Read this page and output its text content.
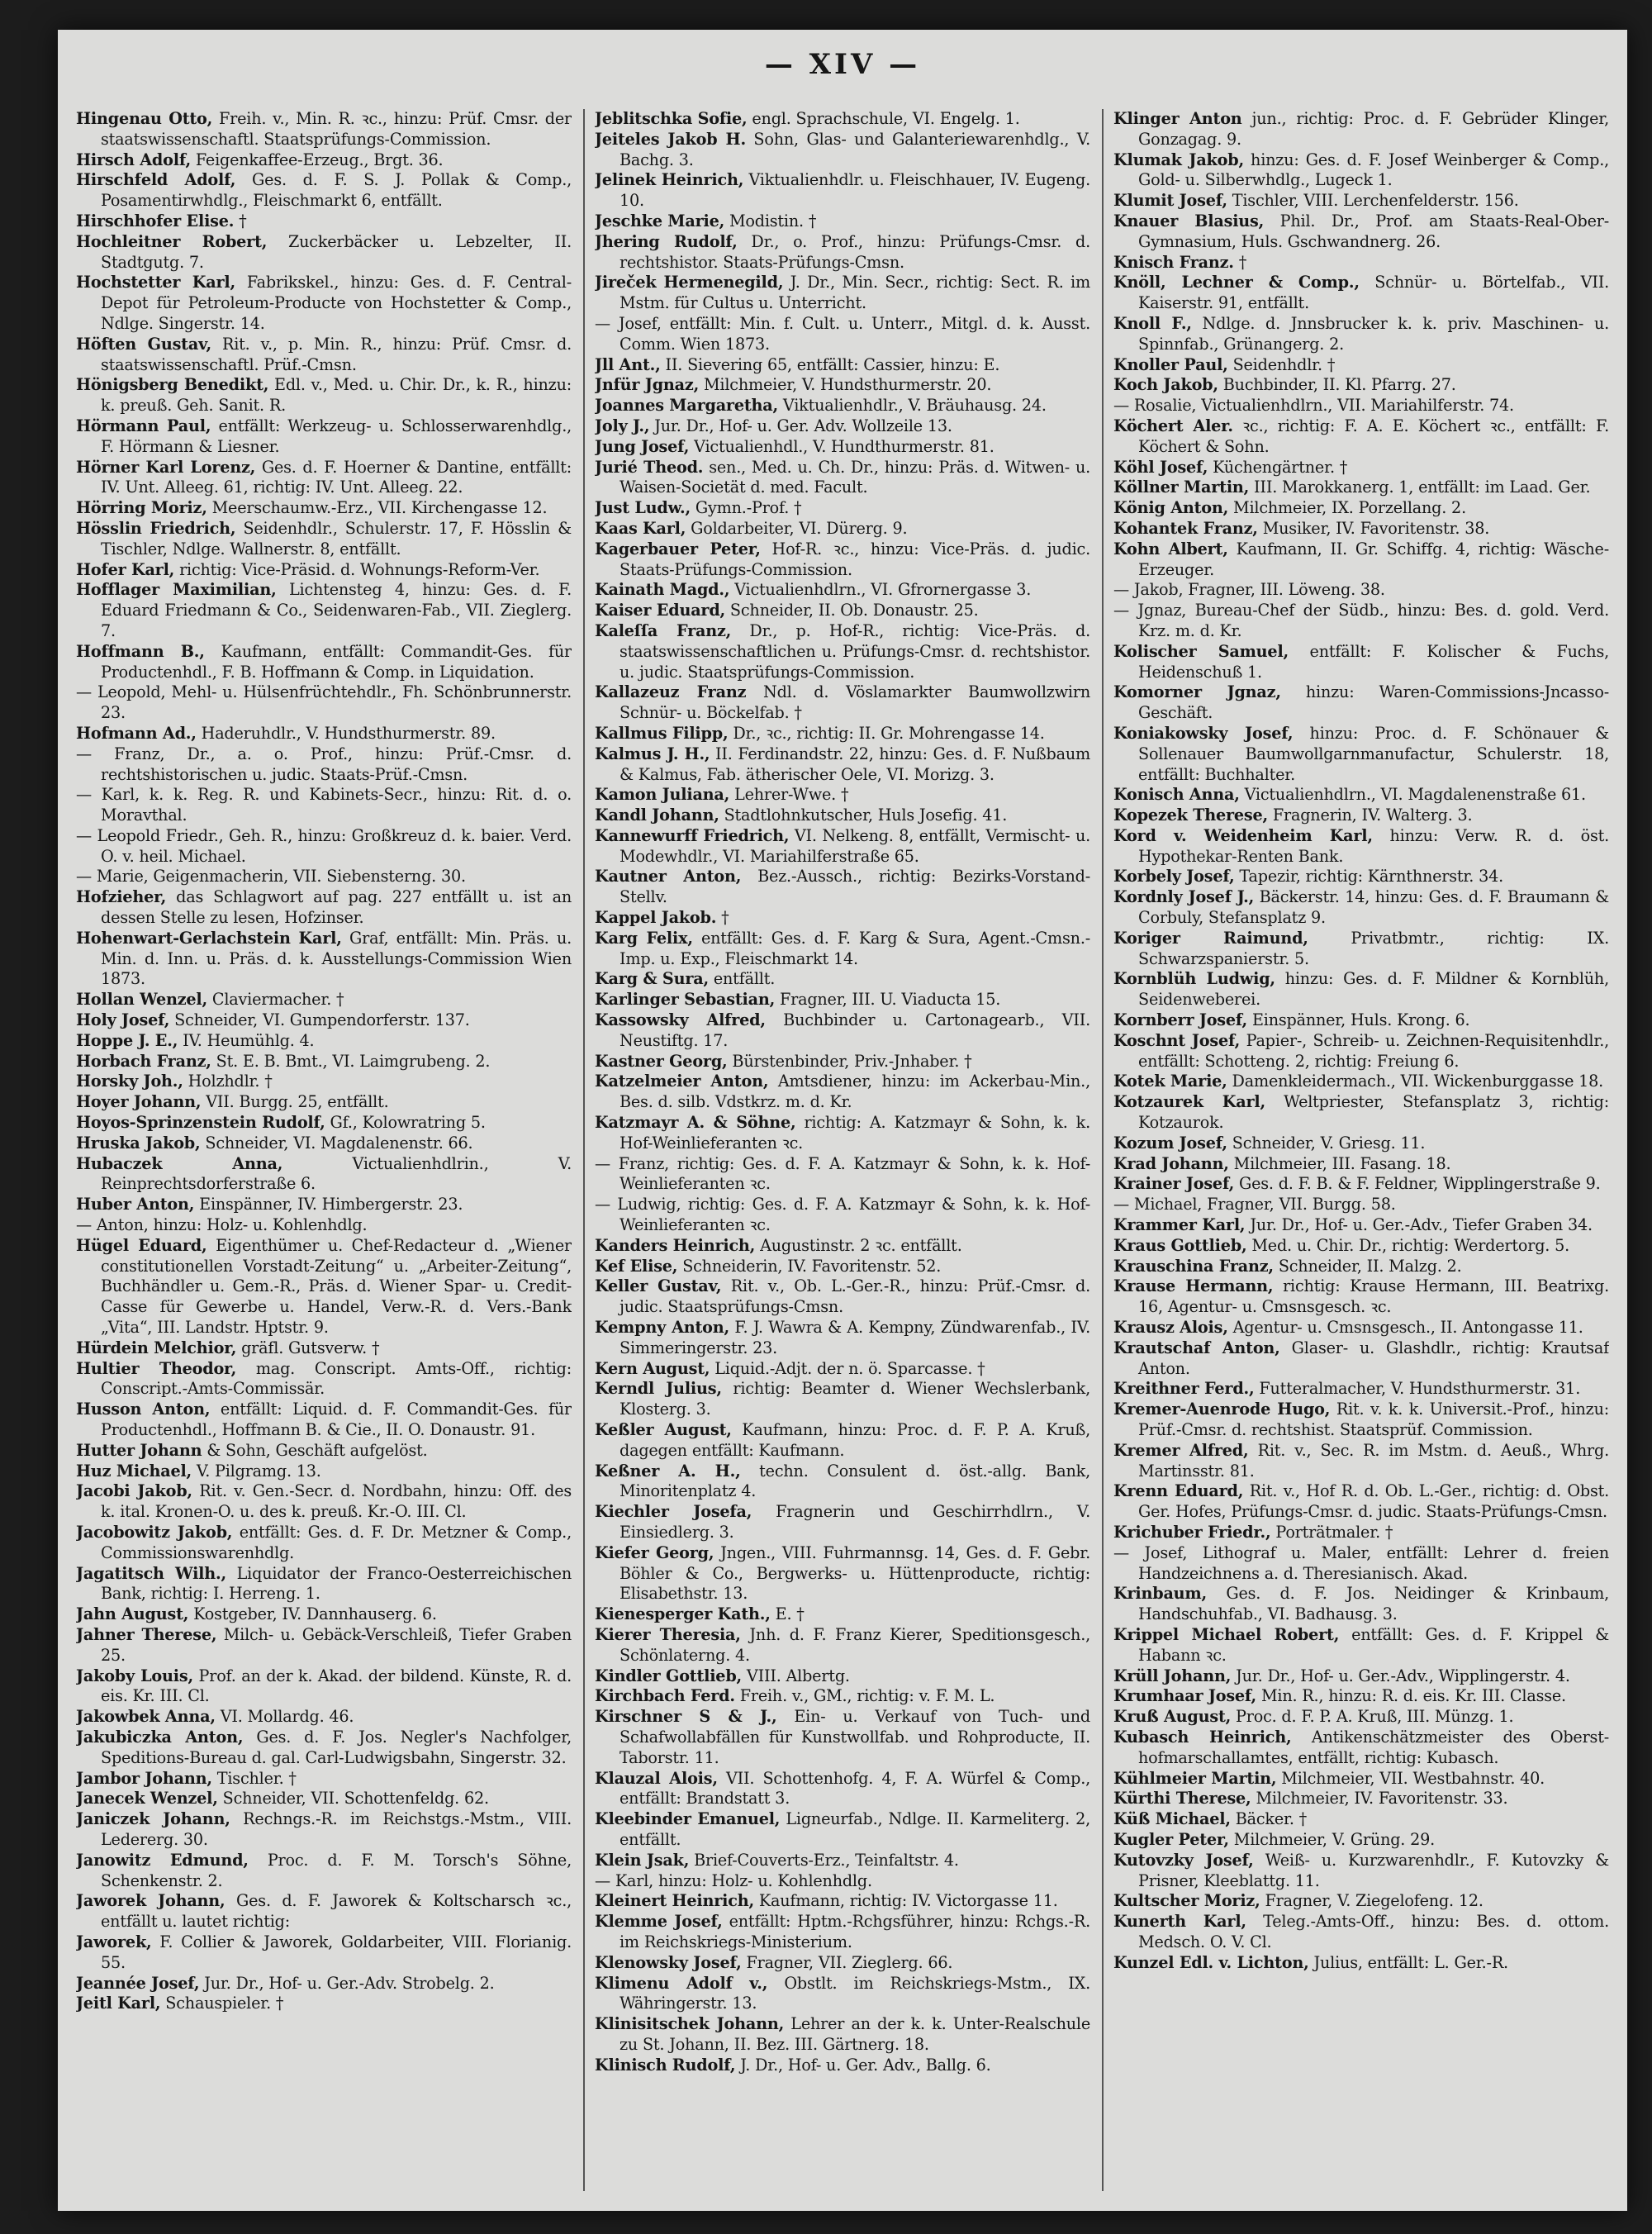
— XIV —

Hingenau Otto, Freih. v., Min. R. ꝛc., hinzu: Prüf. Cmsr. der staatswissenschaftl. Staatsprüfungs-Commission.

Hirsch Adolf, Feigenkaffee-Erzeug., Brgt. 36.

Hirschfeld Adolf, Ges. d. F. S. J. Pollak & Comp., Posamentirwhdlg., Fleischmarkt 6, entfällt.

Hirschhofer Elise. †

Hochleitner Robert, Zuckerbäcker u. Lebzelter, II. Stadtgutg. 7.

Hochstetter Karl, Fabrikskel., hinzu: Ges. d. F. Central-Depot für Petroleum-Producte von Hochstetter & Comp., Ndlge. Singerstr. 14.

Höften Gustav, Rit. v., p. Min. R., hinzu: Prüf. Cmsr. d. staatswissenschaftl. Prüf.-Cmsn.

Hönigsberg Benedikt, Edl. v., Med. u. Chir. Dr., k. R., hinzu: k. preuß. Geh. Sanit. R.

Hörmann Paul, entfällt: Werkzeug- u. Schlosserwarenhdlg., F. Hörmann & Liesner.

Hörner Karl Lorenz, Ges. d. F. Hoerner & Dantine, entfällt: IV. Unt. Alleeg. 61, richtig: IV. Unt. Alleeg. 22.

Hörring Moriz, Meerschaumw.-Erz., VII. Kirchengasse 12.

Hösslin Friedrich, Seidenhdlr., Schulerstr. 17, F. Hösslin & Tischler, Ndlge. Wallnerstr. 8, entfällt.

Hofer Karl, richtig: Vice-Präsid. d. Wohnungs-Reform-Ver.

Hofflager Maximilian, Lichtensteg 4, hinzu: Ges. d. F. Eduard Friedmann & Co., Seidenwaren-Fab., VII. Zieglerg. 7.

Hoffmann B., Kaufmann, entfällt: Commandit-Ges. für Productenhdl., F. B. Hoffmann & Comp. in Liquidation.

— Leopold, Mehl- u. Hülsenfrüchtehdlr., Fh. Schönbrunnerstr. 23.

Hofmann Ad., Haderuhdlr., V. Hundsthurmerstr. 89.

— Franz, Dr., a. o. Prof., hinzu: Prüf.-Cmsr. d. rechtshistorischen u. judic. Staats-Prüf.-Cmsn.

— Karl, k. k. Reg. R. und Kabinets-Secr., hinzu: Rit. d. o. Moravthal.

— Leopold Friedr., Geh. R., hinzu: Großkreuz d. k. baier. Verd. O. v. heil. Michael.

— Marie, Geigenmacherin, VII. Siebensterng. 30.

Hofzieher, das Schlagwort auf pag. 227 entfällt u. ist an dessen Stelle zu lesen, Hofzinser.

Hohenwart-Gerlachstein Karl, Graf, entfällt: Min. Präs. u. Min. d. Inn. u. Präs. d. k. Ausstellungs-Commission Wien 1873.

Hollan Wenzel, Claviermacher. †

Holy Josef, Schneider, VI. Gumpendorferstr. 137.

Hoppe J. E., IV. Heumühlg. 4.

Horbach Franz, St. E. B. Bmt., VI. Laimgrubeng. 2.

Horsky Joh., Holzhdlr. †

Hoyer Johann, VII. Burgg. 25, entfällt.

Hoyos-Sprinzenstein Rudolf, Gf., Kolowratring 5.

Hruska Jakob, Schneider, VI. Magdalenenstr. 66.

Hubaczek Anna, Victualienhdlrin., V. Reinprechtsdorferstraße 6.

Huber Anton, Einspänner, IV. Himbergerstr. 23.

— Anton, hinzu: Holz- u. Kohlenhdlg.

Hügel Eduard, Eigenthümer u. Chef-Redacteur d. „Wiener constitutionellen Vorstadt-Zeitung“ u. „Arbeiter-Zeitung“, Buchhändler u. Gem.-R., Präs. d. Wiener Spar- u. Credit-Casse für Gewerbe u. Handel, Verw.-R. d. Vers.-Bank „Vita“, III. Landstr. Hptstr. 9.

Hürdein Melchior, gräfl. Gutsverw. †

Hultier Theodor, mag. Conscript. Amts-Off., richtig: Conscript.-Amts-Commissär.

Husson Anton, entfällt: Liquid. d. F. Commandit-Ges. für Productenhdl., Hoffmann B. & Cie., II. O. Donaustr. 91.

Hutter Johann & Sohn, Geschäft aufgelöst.

Huz Michael, V. Pilgramg. 13.

Jacobi Jakob, Rit. v. Gen.-Secr. d. Nordbahn, hinzu: Off. des k. ital. Kronen-O. u. des k. preuß. Kr.-O. III. Cl.

Jacobowitz Jakob, entfällt: Ges. d. F. Dr. Metzner & Comp., Commissionswarenhdlg.

Jagatitsch Wilh., Liquidator der Franco-Oesterreichischen Bank, richtig: I. Herreng. 1.

Jahn August, Kostgeber, IV. Dannhauserg. 6.

Jahner Therese, Milch- u. Gebäck-Verschleiß, Tiefer Graben 25.

Jakoby Louis, Prof. an der k. Akad. der bildend. Künste, R. d. eis. Kr. III. Cl.

Jakowbek Anna, VI. Mollardg. 46.

Jakubiczka Anton, Ges. d. F. Jos. Negler's Nachfolger, Speditions-Bureau d. gal. Carl-Ludwigsbahn, Singerstr. 32.

Jambor Johann, Tischler. †

Janecek Wenzel, Schneider, VII. Schottenfeldg. 62.

Janiczek Johann, Rechngs.-R. im Reichstgs.-Mstm., VIII. Ledererg. 30.

Janowitz Edmund, Proc. d. F. M. Torsch's Söhne, Schenkenstr. 2.

Jaworek Johann, Ges. d. F. Jaworek & Koltscharsch ꝛc., entfällt u. lautet richtig:

Jaworek, F. Collier & Jaworek, Goldarbeiter, VIII. Florianig. 55.

Jeannée Josef, Jur. Dr., Hof- u. Ger.-Adv. Strobelg. 2.

Jeitl Karl, Schauspieler. †

Jeblitschka Sofie, engl. Sprachschule, VI. Engelg. 1.

Jeiteles Jakob H. Sohn, Glas- und Galanteriewarenhdlg., V. Bachg. 3.

Jelinek Heinrich, Viktualienhdlr. u. Fleischhauer, IV. Eugeng. 10.

Jeschke Marie, Modistin. †

Jhering Rudolf, Dr., o. Prof., hinzu: Prüfungs-Cmsr. d. rechtshistor. Staats-Prüfungs-Cmsn.

Jireček Hermenegild, J. Dr., Min. Secr., richtig: Sect. R. im Mstm. für Cultus u. Unterricht.

— Josef, entfällt: Min. f. Cult. u. Unterr., Mitgl. d. k. Ausst. Comm. Wien 1873.

Jll Ant., II. Sievering 65, entfällt: Cassier, hinzu: E.

Jnfür Jgnaz, Milchmeier, V. Hundsthurmerstr. 20.

Joannes Margaretha, Viktualienhdlr., V. Bräuhausg. 24.

Joly J., Jur. Dr., Hof- u. Ger. Adv. Wollzeile 13.

Jung Josef, Victualienhdl., V. Hundthurmerstr. 81.

Jurié Theod. sen., Med. u. Ch. Dr., hinzu: Präs. d. Witwen- u. Waisen-Societät d. med. Facult.

Just Ludw., Gymn.-Prof. †

Kaas Karl, Goldarbeiter, VI. Dürerg. 9.

Kagerbauer Peter, Hof-R. ꝛc., hinzu: Vice-Präs. d. judic. Staats-Prüfungs-Commission.

Kainath Magd., Victualienhdlrn., VI. Gfrornergasse 3.

Kaiser Eduard, Schneider, II. Ob. Donaustr. 25.

Kaleſſa Franz, Dr., p. Hof-R., richtig: Vice-Präs. d. staatswissenschaftlichen u. Prüfungs-Cmsr. d. rechtshistor. u. judic. Staatsprüfungs-Commission.

Kallazeuz Franz Ndl. d. Vöslamarkter Baumwollzwirn Schnür- u. Böckelfab. †

Kallmus Filipp, Dr., ꝛc., richtig: II. Gr. Mohrengasse 14.

Kalmus J. H., II. Ferdinandstr. 22, hinzu: Ges. d. F. Nußbaum & Kalmus, Fab. ätherischer Oele, VI. Morizg. 3.

Kamon Juliana, Lehrer-Wwe. †

Kandl Johann, Stadtlohnkutscher, Huls Josefig. 41.

Kannewurff Friedrich, VI. Nelkeng. 8, entfällt, Vermischt- u. Modewhdlr., VI. Mariahilferstraße 65.

Kautner Anton, Bez.-Aussch., richtig: Bezirks-Vorstand-Stellv.

Kappel Jakob. †

Karg Felix, entfällt: Ges. d. F. Karg & Sura, Agent.-Cmsn.-Imp. u. Exp., Fleischmarkt 14.

Karg & Sura, entfällt.

Karlinger Sebastian, Fragner, III. U. Viaducta 15.

Kassowsky Alfred, Buchbinder u. Cartonagearb., VII. Neustiftg. 17.

Kastner Georg, Bürstenbinder, Priv.-Jnhaber. †

Katzelmeier Anton, Amtsdiener, hinzu: im Ackerbau-Min., Bes. d. silb. Vdstkrz. m. d. Kr.

Katzmayr A. & Söhne, richtig: A. Katzmayr & Sohn, k. k. Hof-Weinlieferanten ꝛc.

— Franz, richtig: Ges. d. F. A. Katzmayr & Sohn, k. k. Hof-Weinlieferanten ꝛc.

— Ludwig, richtig: Ges. d. F. A. Katzmayr & Sohn, k. k. Hof-Weinlieferanten ꝛc.

Kanders Heinrich, Augustinstr. 2 ꝛc. entfällt.

Kef Elise, Schneiderin, IV. Favoritenstr. 52.

Keller Gustav, Rit. v., Ob. L.-Ger.-R., hinzu: Prüf.-Cmsr. d. judic. Staatsprüfungs-Cmsn.

Kempny Anton, F. J. Wawra & A. Kempny, Zündwarenfab., IV. Simmeringerstr. 23.

Kern August, Liquid.-Adjt. der n. ö. Sparcasse. †

Kerndl Julius, richtig: Beamter d. Wiener Wechslerbank, Klosterg. 3.

Keßler August, Kaufmann, hinzu: Proc. d. F. P. A. Kruß, dagegen entfällt: Kaufmann.

Keßner A. H., techn. Consulent d. öst.-allg. Bank, Minoritenplatz 4.

Kiechler Josefa, Fragnerin und Geschirrhdlrn., V. Einsiedlerg. 3.

Kiefer Georg, Jngen., VIII. Fuhrmannsg. 14, Ges. d. F. Gebr. Böhler & Co., Bergwerks- u. Hüttenproducte, richtig: Elisabethstr. 13.

Kienesperger Kath., E. †

Kierer Theresia, Jnh. d. F. Franz Kierer, Speditionsgesch., Schönlaterng. 4.

Kindler Gottlieb, VIII. Albertg.

Kirchbach Ferd. Freih. v., GM., richtig: v. F. M. L.

Kirschner S & J., Ein- u. Verkauf von Tuch- und Schafwollabfällen für Kunstwollfab. und Rohproducte, II. Taborstr. 11.

Klauzal Alois, VII. Schottenhofg. 4, F. A. Würfel & Comp., entfällt: Brandstatt 3.

Kleebinder Emanuel, Ligneurfab., Ndlge. II. Karmeliterg. 2, entfällt.

Klein Jsak, Brief-Couverts-Erz., Teinfaltstr. 4.

— Karl, hinzu: Holz- u. Kohlenhdlg.

Kleinert Heinrich, Kaufmann, richtig: IV. Victorgasse 11.

Klemme Josef, entfällt: Hptm.-Rchgsführer, hinzu: Rchgs.-R. im Reichskriegs-Ministerium.

Klenowsky Josef, Fragner, VII. Zieglerg. 66.

Klimenu Adolf v., Obstlt. im Reichskriegs-Mstm., IX. Währingerstr. 13.

Klinisitschek Johann, Lehrer an der k. k. Unter-Realschule zu St. Johann, II. Bez. III. Gärtnerg. 18.

Klinisch Rudolf, J. Dr., Hof- u. Ger. Adv., Ballg. 6.

Klinger Anton jun., richtig: Proc. d. F. Gebrüder Klinger, Gonzagag. 9.

Klumak Jakob, hinzu: Ges. d. F. Josef Weinberger & Comp., Gold- u. Silberwhdlg., Lugeck 1.

Klumit Josef, Tischler, VIII. Lerchenfelderstr. 156.

Knauer Blasius, Phil. Dr., Prof. am Staats-Real-Ober-Gymnasium, Huls. Gschwandnerg. 26.

Knisch Franz. †

Knöll, Lechner & Comp., Schnür- u. Börtelfab., VII. Kaiserstr. 91, entfällt.

Knoll F., Ndlge. d. Jnnsbrucker k. k. priv. Maschinen- u. Spinnfab., Grünangerg. 2.

Knoller Paul, Seidenhdlr. †

Koch Jakob, Buchbinder, II. Kl. Pfarrg. 27.

— Rosalie, Victualienhdlrn., VII. Mariahilferstr. 74.

Köchert Aler. ꝛc., richtig: F. A. E. Köchert ꝛc., entfällt: F. Köchert & Sohn.

Köhl Josef, Küchengärtner. †

Köllner Martin, III. Marokkanerg. 1, entfällt: im Laad. Ger.

König Anton, Milchmeier, IX. Porzellang. 2.

Kohantek Franz, Musiker, IV. Favoritenstr. 38.

Kohn Albert, Kaufmann, II. Gr. Schiffg. 4, richtig: Wäsche-Erzeuger.

— Jakob, Fragner, III. Löweng. 38.

— Jgnaz, Bureau-Chef der Südb., hinzu: Bes. d. gold. Verd. Krz. m. d. Kr.

Kolischer Samuel, entfällt: F. Kolischer & Fuchs, Heidenschuß 1.

Komorner Jgnaz, hinzu: Waren-Commissions-Jncasso-Geschäft.

Koniakowsky Josef, hinzu: Proc. d. F. Schönauer & Sollenauer Baumwollgarnmanufactur, Schulerstr. 18, entfällt: Buchhalter.

Konisch Anna, Victualienhdlrn., VI. Magdalenenstraße 61.

Kopezek Therese, Fragnerin, IV. Walterg. 3.

Kord v. Weidenheim Karl, hinzu: Verw. R. d. öst. Hypothekar-Renten Bank.

Korbely Josef, Tapezir, richtig: Kärnthnerstr. 34.

Kordnly Josef J., Bäckerstr. 14, hinzu: Ges. d. F. Braumann & Corbuly, Stefansplatz 9.

Koriger Raimund, Privatbmtr., richtig: IX. Schwarzspanierstr. 5.

Kornblüh Ludwig, hinzu: Ges. d. F. Mildner & Kornblüh, Seidenweberei.

Kornberr Josef, Einspänner, Huls. Krong. 6.

Koschnt Josef, Papier-, Schreib- u. Zeichnen-Requisitenhdlr., entfällt: Schotteng. 2, richtig: Freiung 6.

Kotek Marie, Damenkleidermach., VII. Wickenburggasse 18.

Kotzaurek Karl, Weltpriester, Stefansplatz 3, richtig: Kotzaurok.

Kozum Josef, Schneider, V. Griesg. 11.

Krad Johann, Milchmeier, III. Fasang. 18.

Krainer Josef, Ges. d. F. B. & F. Feldner, Wipplingerstraße 9.

— Michael, Fragner, VII. Burgg. 58.

Krammer Karl, Jur. Dr., Hof- u. Ger.-Adv., Tiefer Graben 34.

Kraus Gottlieb, Med. u. Chir. Dr., richtig: Werdertorg. 5.

Krauschina Franz, Schneider, II. Malzg. 2.

Krause Hermann, richtig: Krause Hermann, III. Beatrixg. 16, Agentur- u. Cmsnsgesch. ꝛc.

Krausz Alois, Agentur- u. Cmsnsgesch., II. Antongasse 11.

Krautschaf Anton, Glaser- u. Glashdlr., richtig: Krautsaf Anton.

Kreithner Ferd., Futteralmacher, V. Hundsthurmerstr. 31.

Kremer-Auenrode Hugo, Rit. v. k. k. Universit.-Prof., hinzu: Prüf.-Cmsr. d. rechtshist. Staatsprüf. Commission.

Kremer Alfred, Rit. v., Sec. R. im Mstm. d. Aeuß., Whrg. Martinsstr. 81.

Krenn Eduard, Rit. v., Hof R. d. Ob. L.-Ger., richtig: d. Obst. Ger. Hofes, Prüfungs-Cmsr. d. judic. Staats-Prüfungs-Cmsn.

Krichuber Friedr., Porträtmaler. †

— Josef, Lithograf u. Maler, entfällt: Lehrer d. freien Handzeichnens a. d. Theresianisch. Akad.

Krinbaum, Ges. d. F. Jos. Neidinger & Krinbaum, Handschuhfab., VI. Badhausg. 3.

Krippel Michael Robert, entfällt: Ges. d. F. Krippel & Habann ꝛc.

Krüll Johann, Jur. Dr., Hof- u. Ger.-Adv., Wipplingerstr. 4.

Krumhaar Josef, Min. R., hinzu: R. d. eis. Kr. III. Classe.

Kruß August, Proc. d. F. P. A. Kruß, III. Münzg. 1.

Kubasch Heinrich, Antikenschätzmeister des Oberst-hofmarschallamtes, entfällt, richtig: Kubasch.

Kühlmeier Martin, Milchmeier, VII. Westbahnstr. 40.

Kürthi Therese, Milchmeier, IV. Favoritenstr. 33.

Küß Michael, Bäcker. †

Kugler Peter, Milchmeier, V. Grüng. 29.

Kutovzky Josef, Weiß- u. Kurzwarenhdlr., F. Kutovzky & Prisner, Kleeblattg. 11.

Kultscher Moriz, Fragner, V. Ziegelofeng. 12.

Kunerth Karl, Teleg.-Amts-Off., hinzu: Bes. d. ottom. Medsch. O. V. Cl.

Kunzel Edl. v. Lichton, Julius, entfällt: L. Ger.-R.
